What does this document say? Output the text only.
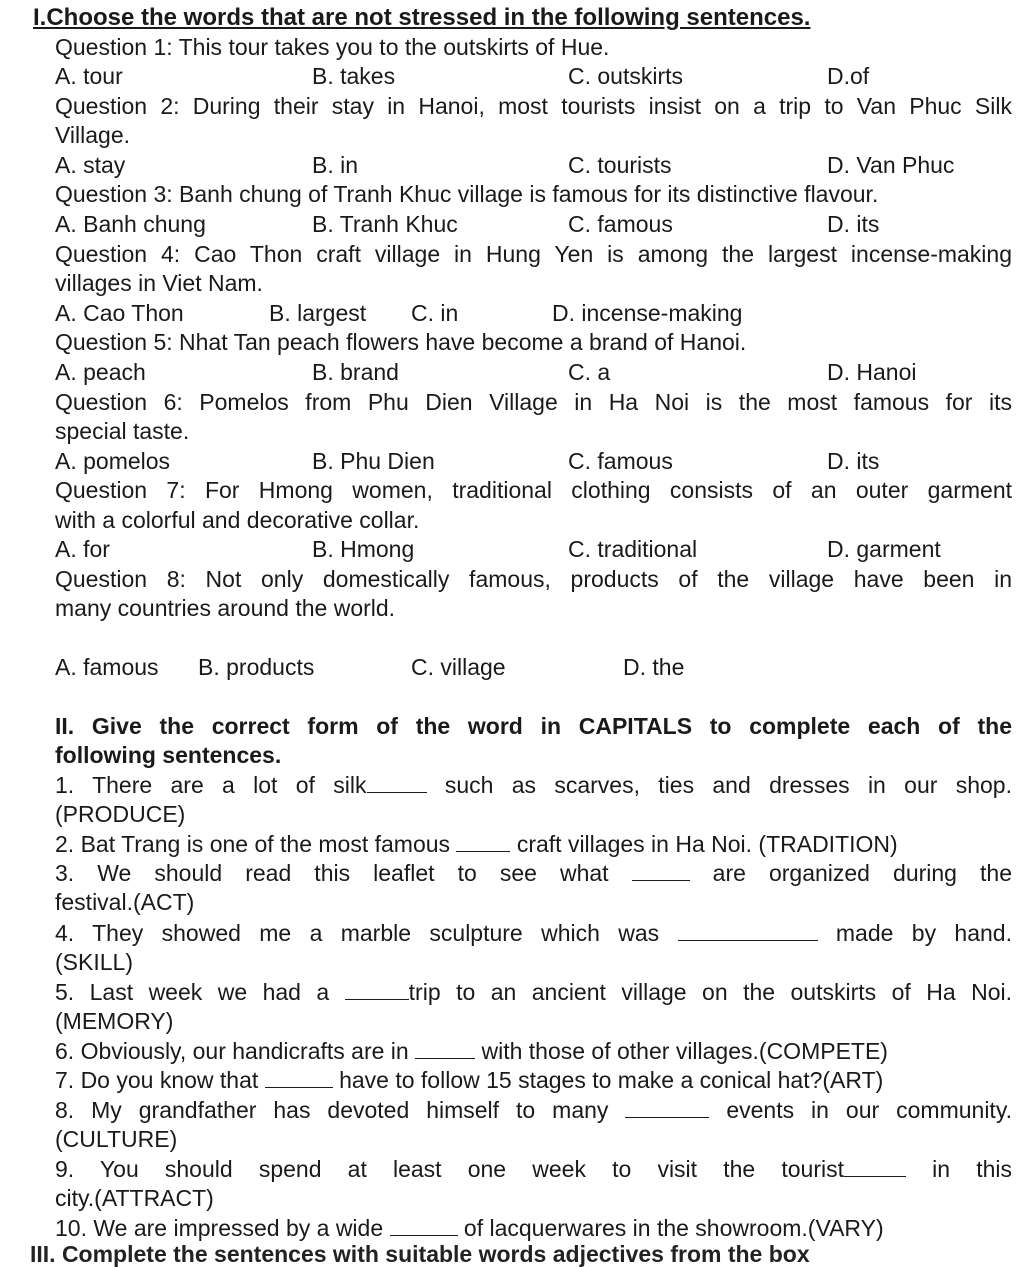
I.Choose the words that are not stressed in the following sentences.
Question 1: This tour takes you to the outskirts of Hue.
A. tour	B. takes	C. outskirts	D.of
Question 2: During their stay in Hanoi, most tourists insist on a trip to Van Phuc Silk
Village.
A. stay	B. in	C. tourists	D. Van Phuc
Question 3: Banh chung of Tranh Khuc village is famous for its distinctive flavour.
A. Banh chung	B. Tranh Khuc	C. famous	D. its
Question 4: Cao Thon craft village in Hung Yen is among the largest incense-making
villages in Viet Nam.
A. Cao Thon	B. largest C. in	D. incense-making
Question 5: Nhat Tan peach flowers have become a brand of Hanoi.
A. peach	B. brand	C. a	D. Hanoi
Question 6: Pomelos from Phu Dien Village in Ha Noi is the most famous for its
special taste.
A. pomelos	B. Phu Dien	C. famous	D. its
Question 7: For Hmong women, traditional clothing consists of an outer garment
with a colorful and decorative collar.
A. for	B. Hmong	C. traditional	D. garment
Question 8: Not only domestically famous, products of the village have been in
many countries around the world.
A. famous B. products	C. village	D. the
II. Give the correct form of the word in CAPITALS to complete each of the
following sentences.
1. There are a lot of silk	such as scarves, ties and dresses in our shop.
(PRODUCE)
2. Bat Trang is one of the most famous  craft villages in Ha Noi. (TRADITION)
3. We should read this leaflet to see what	are organized during the
festival.(ACT)
4. They showed me a marble sculpture which was	made by hand.
(SKILL)
5. Last week we had a	trip to an ancient village on the outskirts of Ha Noi.
(MEMORY)
6. Obviously, our handicrafts are in	with those of other villages.(COMPETE)
7. Do you know that	have to follow 15 stages to make a conical hat?(ART)
8. My grandfather has devoted himself to many	events in our community.
(CULTURE)
9. You should spend at least one week to visit the tourist	in this
city.(ATTRACT)
10. We are impressed by a wide	of lacquerwares in the showroom.(VARY)
III. Complete the sentences with suitable words adjectives from the box
